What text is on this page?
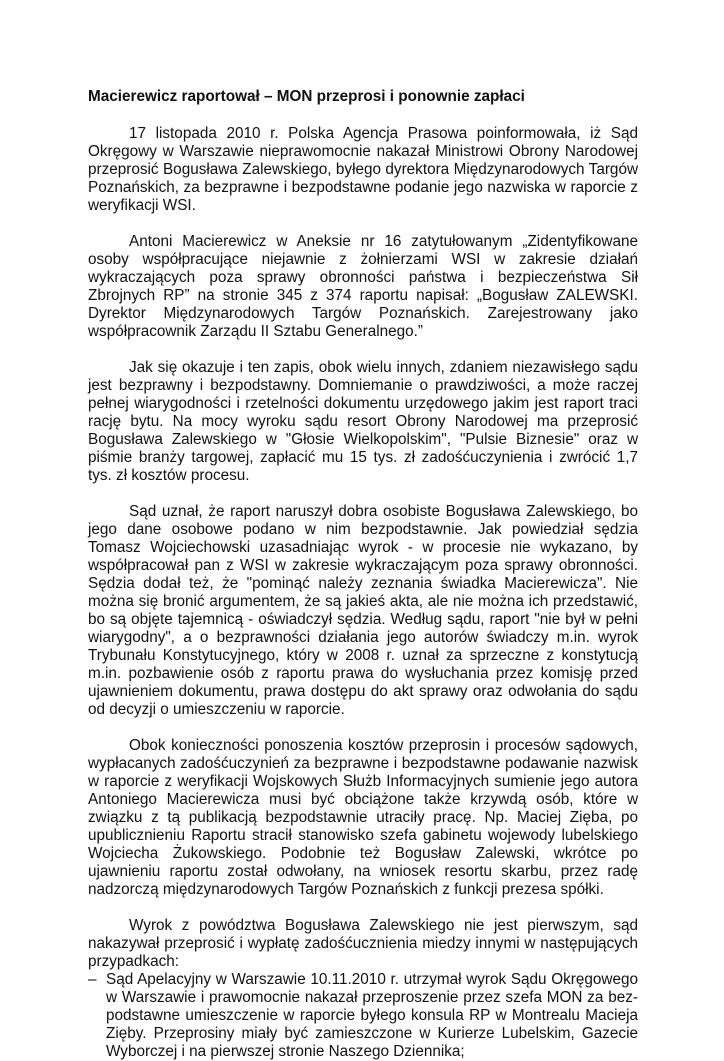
Macierewicz raportował – MON przeprosi i ponownie zapłaci

17 listopada 2010 r. Polska Agencja Prasowa poinformowała, iż Sąd Okręgowy w Warszawie nieprawomocnie nakazał Ministrowi Obrony Narodowej przeprosić Bogusława Zalewskiego, byłego dyrektora Międzynarodowych Targów Poznańskich, za bezprawne i bezpodstawne podanie jego nazwiska w raporcie z weryfikacji WSI.

Antoni Macierewicz w Aneksie nr 16 zatytułowanym „Zidentyfikowane osoby współpracujące niejawnie z żołnierzami WSI w zakresie działań wykraczających poza sprawy obronności państwa i bezpieczeństwa Sił Zbrojnych RP” na stronie 345 z 374 raportu napisał: „Bogusław ZALEWSKI. Dyrektor Międzynarodowych Targów Poznańskich. Zarejestrowany jako współpracownik Zarządu II Sztabu Generalnego.”

Jak się okazuje i ten zapis, obok wielu innych, zdaniem niezawisłego sądu jest bezprawny i bezpodstawny. Domniemanie o prawdziwości, a może raczej pełnej wiarygodności i rzetelności dokumentu urzędowego jakim jest raport traci rację bytu. Na mocy wyroku sądu resort Obrony Narodowej ma przeprosić Bogusława Zalewskiego w "Głosie Wielkopolskim", "Pulsie Biznesie" oraz w piśmie branży targowej, zapłacić mu 15 tys. zł zadośćuczynienia i zwrócić 1,7 tys. zł kosztów procesu.

Sąd uznał, że raport naruszył dobra osobiste Bogusława Zalewskiego, bo jego dane osobowe podano w nim bezpodstawnie. Jak powiedział sędzia Tomasz Wojciechowski uzasadniając wyrok - w procesie nie wykazano, by współpracował pan z WSI w zakresie wykraczającym poza sprawy obronności. Sędzia dodał też, że "pominąć należy zeznania świadka Macierewicza". Nie można się bronić argumentem, że są jakieś akta, ale nie można ich przedstawić, bo są objęte tajemnicą - oświadczył sędzia. Według sądu, raport "nie był w pełni wiarygodny", a o bezprawności działania jego autorów świadczy m.in. wyrok Trybunału Konstytucyjnego, który w 2008 r. uznał za sprzeczne z konstytucją m.in. pozbawienie osób z raportu prawa do wysłuchania przez komisję przed ujawnieniem dokumentu, prawa dostępu do akt sprawy oraz odwołania do sądu od decyzji o umieszczeniu w raporcie.

Obok konieczności ponoszenia kosztów przeprosin i procesów sądowych, wypłacanych zadośćuczynień za bezprawne i bezpodstawne podawanie nazwisk w raporcie z weryfikacji Wojskowych Służb Informacyjnych sumienie jego autora Antoniego Macierewicza musi być obciążone także krzywdą osób, które w związku z tą publikacją bezpodstawnie utraciły pracę. Np. Maciej Zięba, po upublicznieniu Raportu stracił stanowisko szefa gabinetu wojewody lubelskiego Wojciecha Żukowskiego. Podobnie też Bogusław Zalewski, wkrótce po ujawnieniu raportu został odwołany, na wniosek resortu skarbu, przez radę nadzorczą międzynarodowych Targów Poznańskich z funkcji prezesa spółki.

Wyrok z powództwa Bogusława Zalewskiego nie jest pierwszym, sąd nakazywał przeprosić i wypłatę zadośćucznienia miedzy innymi w następujących przypadkach:

– Sąd Apelacyjny w Warszawie 10.11.2010 r. utrzymał wyrok Sądu Okręgowego w Warszawie i prawomocnie nakazał przeproszenie przez szefa MON za bezpodstawne umieszczenie w raporcie byłego konsula RP w Montrealu Macieja Zięby. Przeprosiny miały być zamieszczone w Kurierze Lubelskim, Gazecie Wyborczej i na pierwszej stronie Naszego Dziennika;
